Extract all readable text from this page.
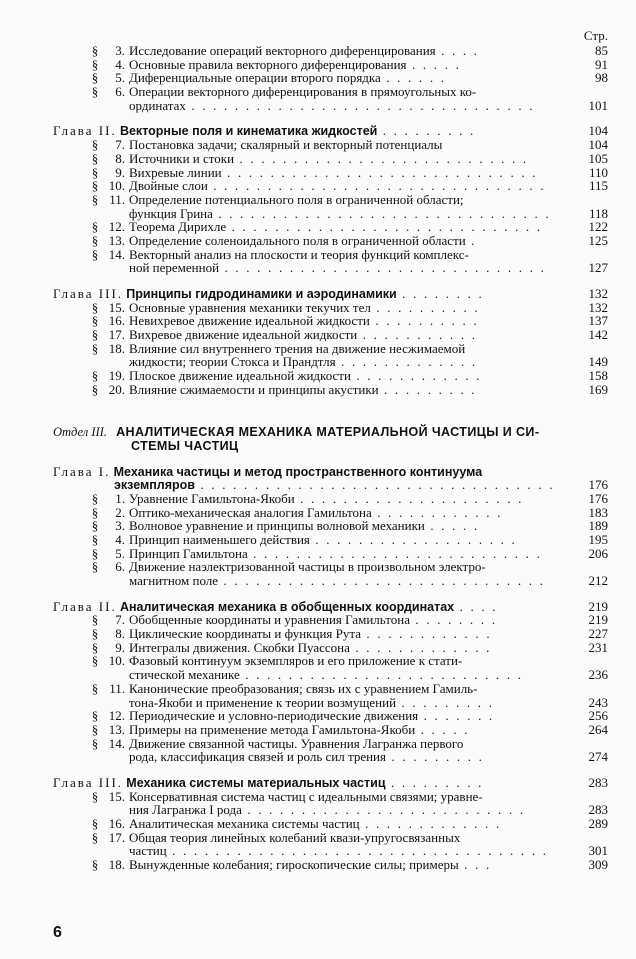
Стр.
§	3. Исследование операций векторного диференцирования . . . .	85
§	4. Основные правила векторного диференцирования . . . . .	91
§	5. Диференциальные операции второго порядка . . . . . .	98
§	6. Операции векторного диференцирования в прямоугольных ко-
ординатах . . . . . . . . . . . . . . . . . . . . . . . . . . . . . . . .	101
Глава II. Векторные поля и кинематика жидкостей . . . . . . . . .	104
§	7. Постановка задачи; скалярный и векторный потенциалы	104
§	8. Источники и стоки . . . . . . . . . . . . . . . . . . . . . . . . . . .	105
§	9. Вихревые линии . . . . . . . . . . . . . . . . . . . . . . . . . . . . .	110
§ 10. Двойные слои . . . . . . . . . . . . . . . . . . . . . . . . . . . . . . .	115
§ 11. Определение потенциального поля в ограниченной области;
функция Грина . . . . . . . . . . . . . . . . . . . . . . . . . . . . . . .	118
§ 12. Теорема Дирихле . . . . . . . . . . . . . . . . . . . . . . . . . . . . .	122
§ 13. Определение соленоидального поля в ограниченной области .	125
§ 14. Векторный анализ на плоскости и теория функций комплекс-
ной переменной . . . . . . . . . . . . . . . . . . . . . . . . . . . . . .	127
Глава III. Принципы гидродинамики и аэродинамики . . . . . . . .	132
§ 15. Основные уравнения механики текучих тел . . . . . . . . . .	132
§ 16. Невихревое движение идеальной жидкости . . . . . . . . . .	137
§ 17. Вихревое движение идеальной жидкости . . . . . . . . . . .	142
§ 18. Влияние сил внутреннего трения на движение несжимаемой
жидкости; теории Стокса и Прандтля . . . . . . . . . . . . .	149
§ 19. Плоское движение идеальной жидкости . . . . . . . . . . . .	158
§ 20. Влияние сжимаемости и принципы акустики . . . . . . . . .	169
Отдел III. АНАЛИТИЧЕСКАЯ МЕХАНИКА МАТЕРИАЛЬНОЙ ЧАСТИЦЫ И СИ-
СТЕМЫ ЧАСТИЦ
Глава I. Механика частицы и метод пространственного континуума
экземпляров . . . . . . . . . . . . . . . . . . . . . . . . . . . . . . . . .	176
§	1. Уравнение Гамильтона-Якоби . . . . . . . . . . . . . . . . . . . . .	176
§	2. Оптико-механическая аналогия Гамильтона . . . . . . . . . . . .	183
§	3. Волновое уравнение и принципы волновой механики . . . . .	189
§	4. Принцип наименьшего действия . . . . . . . . . . . . . . . . . . .	195
§	5. Принцип Гамильтона . . . . . . . . . . . . . . . . . . . . . . . . . . .	206
§	6. Движение наэлектризованной частицы в произвольном электро-
магнитном поле . . . . . . . . . . . . . . . . . . . . . . . . . . . . . .	212
Глава II. Аналитическая механика в обобщенных координатах . . . .	219
§	7. Обобщенные координаты и уравнения Гамильтона . . . . . . . .	219
§	8. Циклические координаты и функция Рута . . . . . . . . . . . .	227
§	9. Интегралы движения. Скобки Пуассона . . . . . . . . . . . . .	231
§ 10. Фазовый континуум экземпляров и его приложение к стати-
стической механике . . . . . . . . . . . . . . . . . . . . . . . . . .	236
§ 11. Канонические преобразования; связь их с уравнением Гамиль-
тона-Якоби и применение к теории возмущений . . . . . . . . .	243
§ 12. Периодические и условно-периодические движения . . . . . . .	256
§ 13. Примеры на применение метода Гамильтона-Якоби . . . . .	264
§ 14. Движение связанной частицы. Уравнения Лагранжа первого
рода, классификация связей и роль сил трения . . . . . . . . .	274
Глава III. Механика системы материальных частиц . . . . . . . . .	283
§ 15. Консервативная система частиц с идеальными связями; уравне-
ния Лагранжа I рода . . . . . . . . . . . . . . . . . . . . . . . . . .	283
§ 16. Аналитическая механика системы частиц . . . . . . . . . . . . .	289
§ 17. Общая теория линейных колебаний квази-упругосвязанных
частиц . . . . . . . . . . . . . . . . . . . . . . . . . . . . . . . . . . .	301
§ 18. Вынужденные колебания; гироскопические силы; примеры . . .	309
6
